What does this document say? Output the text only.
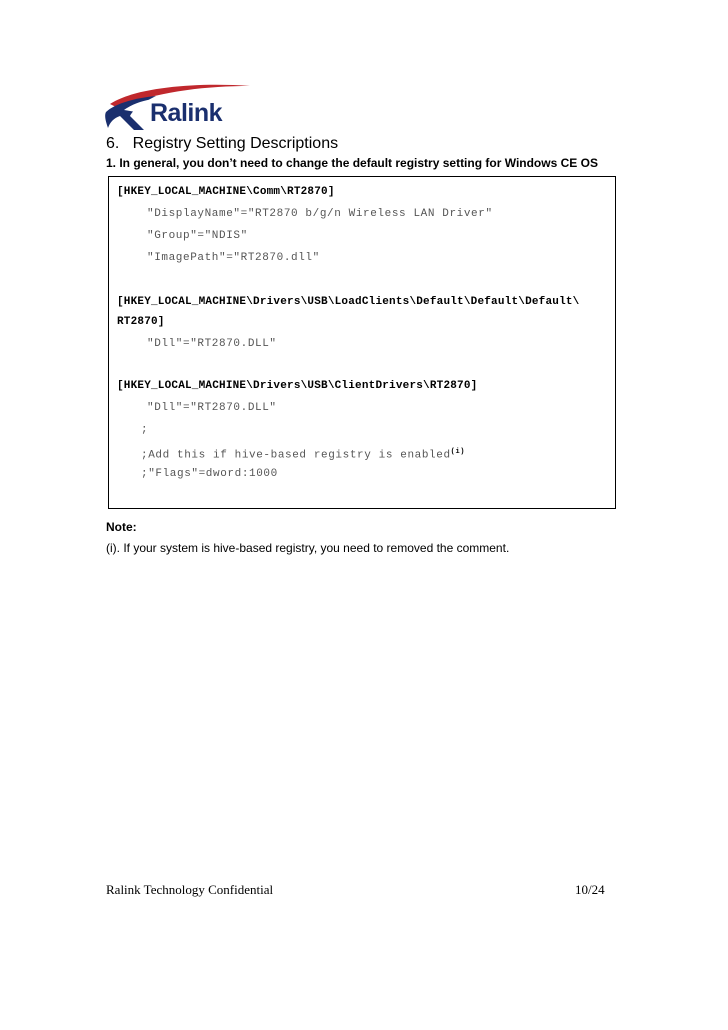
Ralink
6.   Registry Setting Descriptions
1. In general, you don’t need to change the default registry setting for Windows CE OS
[HKEY_LOCAL_MACHINE\Comm\RT2870]
"DisplayName"="RT2870 b/g/n Wireless LAN Driver"
"Group"="NDIS"
"ImagePath"="RT2870.dll"
[HKEY_LOCAL_MACHINE\Drivers\USB\LoadClients\Default\Default\Default\
RT2870]
"Dll"="RT2870.DLL"
[HKEY_LOCAL_MACHINE\Drivers\USB\ClientDrivers\RT2870]
"Dll"="RT2870.DLL"
;
;Add this if hive-based registry is enabled$^{(i)}$
;"Flags"=dword:1000
Note:
(i). If your system is hive-based registry, you need to removed the comment.
Ralink Technology Confidential	10/24
